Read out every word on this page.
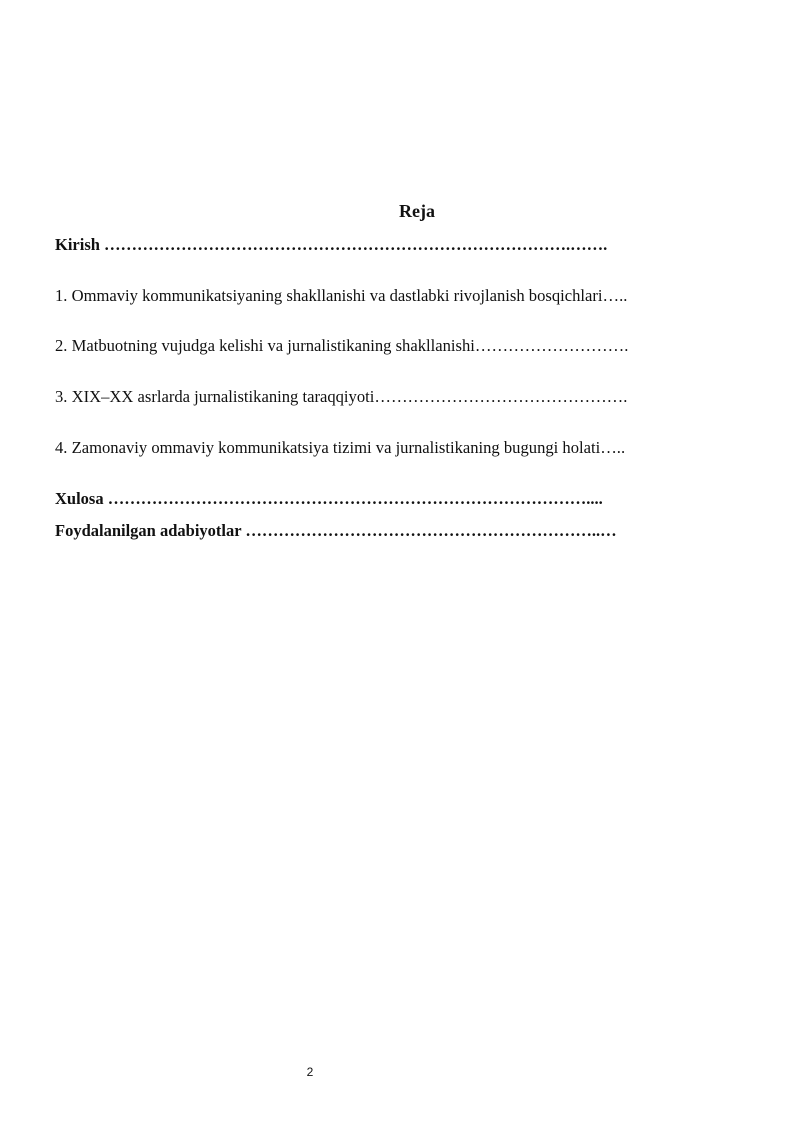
Reja
Kirish ………………………………………………………………………….…….
1. Ommaviy kommunikatsiyaning shakllanishi va dastlabki rivojlanish bosqichlari…..
2. Matbuotning vujudga kelishi va jurnalistikaning shakllanishi……………………….
3. XIX–XX asrlarda jurnalistikaning taraqqiyoti……………………………………….
4. Zamonaviy ommaviy kommunikatsiya tizimi va jurnalistikaning bugungi holati…..
Xulosa ……………………………………………………………………………....
Foydalanilgan adabiyotlar ………………………………………………………..…
2
